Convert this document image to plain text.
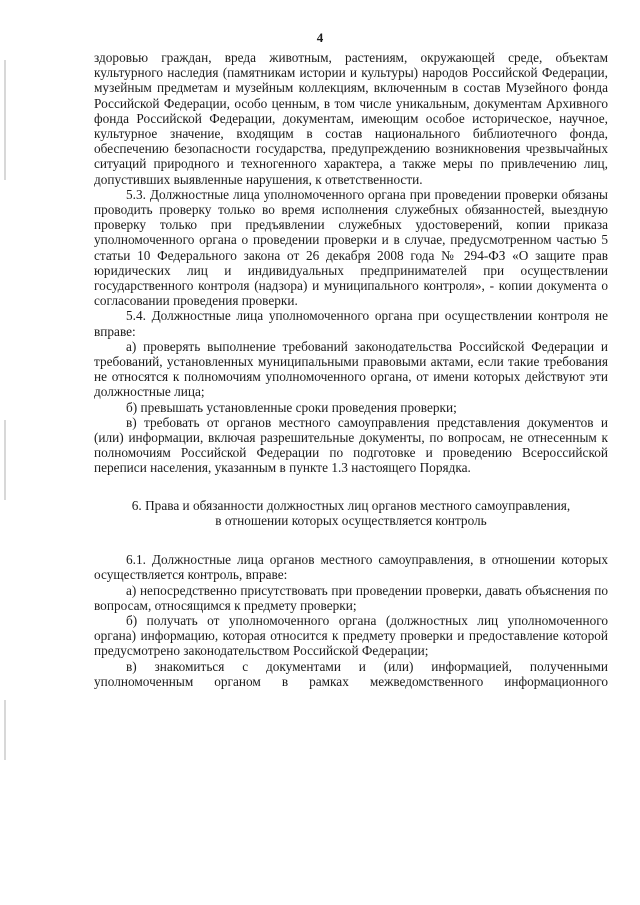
4

здоровью граждан, вреда животным, растениям, окружающей среде, объектам культурного наследия (памятникам истории и культуры) народов Российской Федерации, музейным предметам и музейным коллекциям, включенным в состав Музейного фонда Российской Федерации, особо ценным, в том числе уникальным, документам Архивного фонда Российской Федерации, документам, имеющим особое историческое, научное, культурное значение, входящим в состав национального библиотечного фонда, обеспечению безопасности государства, предупреждению возникновения чрезвычайных ситуаций природного и техногенного характера, а также меры по привлечению лиц, допустивших выявленные нарушения, к ответственности.

5.3. Должностные лица уполномоченного органа при проведении проверки обязаны проводить проверку только во время исполнения служебных обязанностей, выездную проверку только при предъявлении служебных удостоверений, копии приказа уполномоченного органа о проведении проверки и в случае, предусмотренном частью 5 статьи 10 Федерального закона от 26 декабря 2008 года № 294-ФЗ «О защите прав юридических лиц и индивидуальных предпринимателей при осуществлении государственного контроля (надзора) и муниципального контроля», - копии документа о согласовании проведения проверки.

5.4. Должностные лица уполномоченного органа при осуществлении контроля не вправе:

а) проверять выполнение требований законодательства Российской Федерации и требований, установленных муниципальными правовыми актами, если такие требования не относятся к полномочиям уполномоченного органа, от имени которых действуют эти должностные лица;

б) превышать установленные сроки проведения проверки;

в) требовать от органов местного самоуправления представления документов и (или) информации, включая разрешительные документы, по вопросам, не отнесенным к полномочиям Российской Федерации по подготовке и проведению Всероссийской переписи населения, указанным в пункте 1.3 настоящего Порядка.

6. Права и обязанности должностных лиц органов местного самоуправления,
в отношении которых осуществляется контроль

6.1. Должностные лица органов местного самоуправления, в отношении которых осуществляется контроль, вправе:

а) непосредственно присутствовать при проведении проверки, давать объяснения по вопросам, относящимся к предмету проверки;

б) получать от уполномоченного органа (должностных лиц уполномоченного органа) информацию, которая относится к предмету проверки и предоставление которой предусмотрено законодательством Российской Федерации;

в) знакомиться с документами и (или) информацией, полученными уполномоченным органом в рамках межведомственного информационного
